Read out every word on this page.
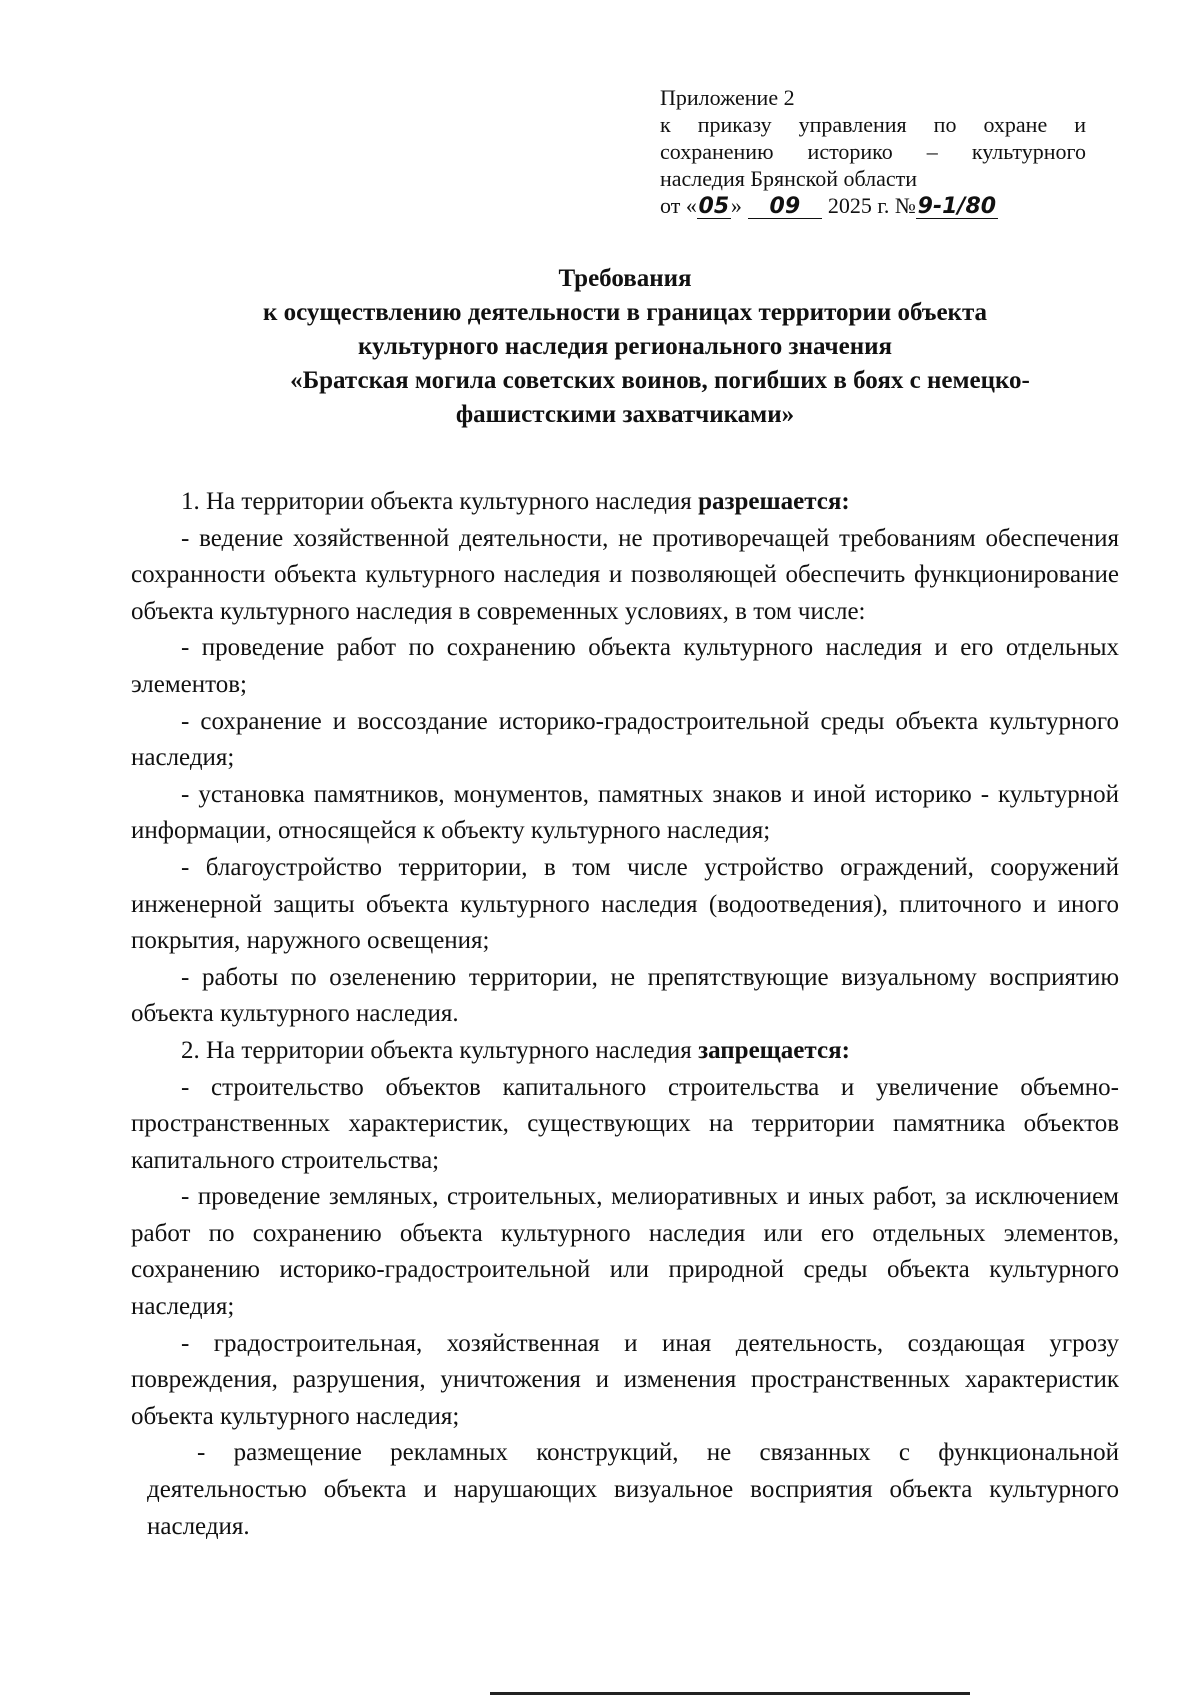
Приложение 2
к приказу управления по охране и
сохранению историко – культурного
наследия Брянской области
от «05» 09 2025 г. №9-1/80
Требования
к осуществлению деятельности в границах территории объекта
культурного наследия регионального значения
«Братская могила советских воинов, погибших в боях с немецко-
фашистскими захватчиками»

1. На территории объекта культурного наследия разрешается:

- ведение хозяйственной деятельности, не противоречащей требованиям обеспечения сохранности объекта культурного наследия и позволяющей обеспечить функционирование объекта культурного наследия в современных условиях, в том числе:

- проведение работ по сохранению объекта культурного наследия и его отдельных элементов;

- сохранение и воссоздание историко-градостроительной среды объекта культурного наследия;

- установка памятников, монументов, памятных знаков и иной историко - культурной информации, относящейся к объекту культурного наследия;

- благоустройство территории, в том числе устройство ограждений, сооружений инженерной защиты объекта культурного наследия (водоотведения), плиточного и иного покрытия, наружного освещения;

- работы по озеленению территории, не препятствующие визуальному восприятию объекта культурного наследия.

2. На территории объекта культурного наследия запрещается:

- строительство объектов капитального строительства и увеличение объемно-пространственных характеристик, существующих на территории памятника объектов капитального строительства;

- проведение земляных, строительных, мелиоративных и иных работ, за исключением работ по сохранению объекта культурного наследия или его отдельных элементов, сохранению историко-градостроительной или природной среды объекта культурного наследия;

- градостроительная, хозяйственная и иная деятельность, создающая угрозу повреждения, разрушения, уничтожения и изменения пространственных характеристик объекта культурного наследия;

- размещение рекламных конструкций, не связанных с функциональной деятельностью объекта и нарушающих визуальное восприятия объекта культурного наследия.
